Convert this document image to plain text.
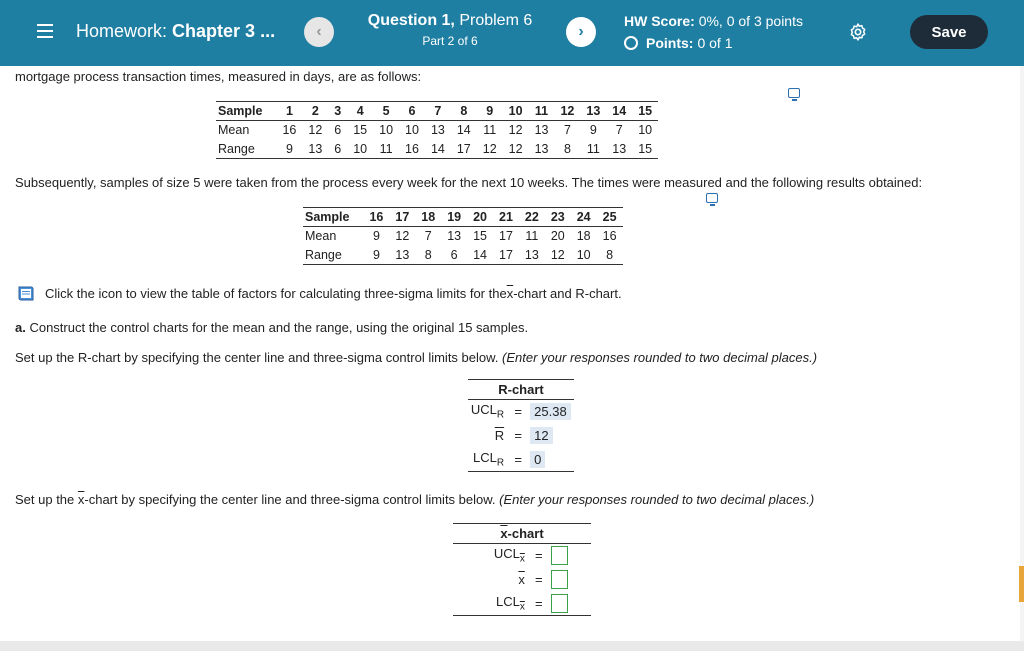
Homework: Chapter 3 ...	‹
Question 1, Problem 6
Part 2 of 6
›
HW Score: 0%, 0 of 3 points
Points: 0 of 1
Save
mortgage process transaction times, measured in days, are as follows:
Sample	1	2	3	4	5	6	7	8	9	10	11	12	13	14	15
Mean	16	12	6	15	10	10	13	14	11	12	13	7	9	7	10
Range	9	13	6	10	11	16	14	17	12	12	13	8	11	13	15
Subsequently, samples of size 5 were taken from the process every week for the next 10 weeks. The times were measured and the following results obtained:
Sample	16	17	18	19	20	21	22	23	24	25
Mean	9	12	7	13	15	17	11	20	18	16
Range	9	13	8	6	14	17	13	12	10	8
Click the icon to view the table of factors for calculating three-sigma limits for the $\overline{x}$ -chart and R-chart.
a. Construct the control charts for the mean and the range, using the original 15 samples.
Set up the R-chart by specifying the center line and three-sigma control limits below. (Enter your responses rounded to two decimal places.)
R-chart		
$UCL_R$	=	25.38
$\overline{R}$	=	12
$LCL_R$	=	0
Set up the $\overline{x}$-chart by specifying the center line and three-sigma control limits below. (Enter your responses rounded to two decimal places.)
$\overline{x}$-chart		
$UCL_{\overline{x}}$	=	
$\overline{x}$	=	
$LCL_{\overline{x}}$	=	
